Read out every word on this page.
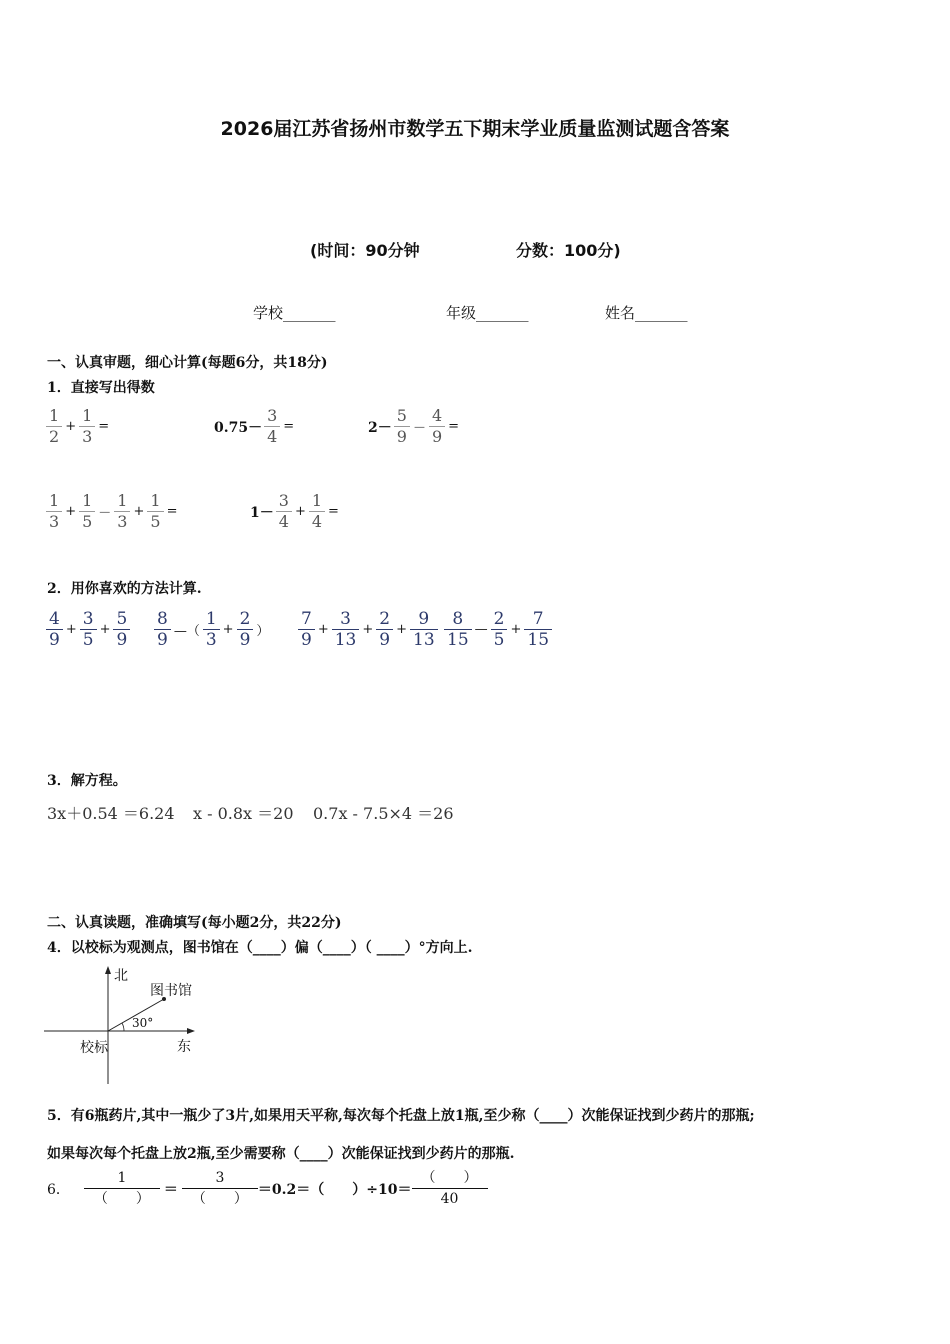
2026届江苏省扬州市数学五下期末学业质量监测试题含答案
(时间：90分钟	分数：100分)
学校_______	年级_______	姓名_______
一、认真审题，细心计算(每题6分，共18分)
1．直接写出得数
$\frac{1}{2} + \frac{1}{3}$ =	$0.75- \frac{3}{4}$ =	$2- \frac{5}{9} - \frac{4}{9}$ =
$\frac{1}{3} + \frac{1}{5} - \frac{1}{3} + \frac{1}{5}$ =	$1- \frac{3}{4} + \frac{1}{4}$ =
2．用你喜欢的方法计算.
$\frac{4}{9} + \frac{3}{5} + \frac{5}{9} \frac{8}{9}$ —（ $\frac{1}{3} + \frac{2}{9}$ ） $\frac{7}{9} + \frac{3}{13} + \frac{2}{9} + \frac{9}{13} \frac{8}{15}$ — $\frac{2}{5} + \frac{7}{15}$
3．解方程。
3x＋0.54 ＝6.24 x - 0.8x ＝20 0.7x - 7.5×4 ＝26
二、认真读题，准确填写(每小题2分，共22分)
4．以校标为观测点，图书馆在（____）偏（____）（ ____）°方向上.
北
图书馆
30°
校标	东
5．有6瓶药片,其中一瓶少了3片,如果用天平称,每次每个托盘上放1瓶,至少称（____）次能保证找到少药片的那瓶;
如果每次每个托盘上放2瓶,至少需要称（____）次能保证找到少药片的那瓶.
6． $\frac{1}{( )} = \frac{3}{( )} =0.2=$（　　）$\div 10= \frac{( )}{40}$
